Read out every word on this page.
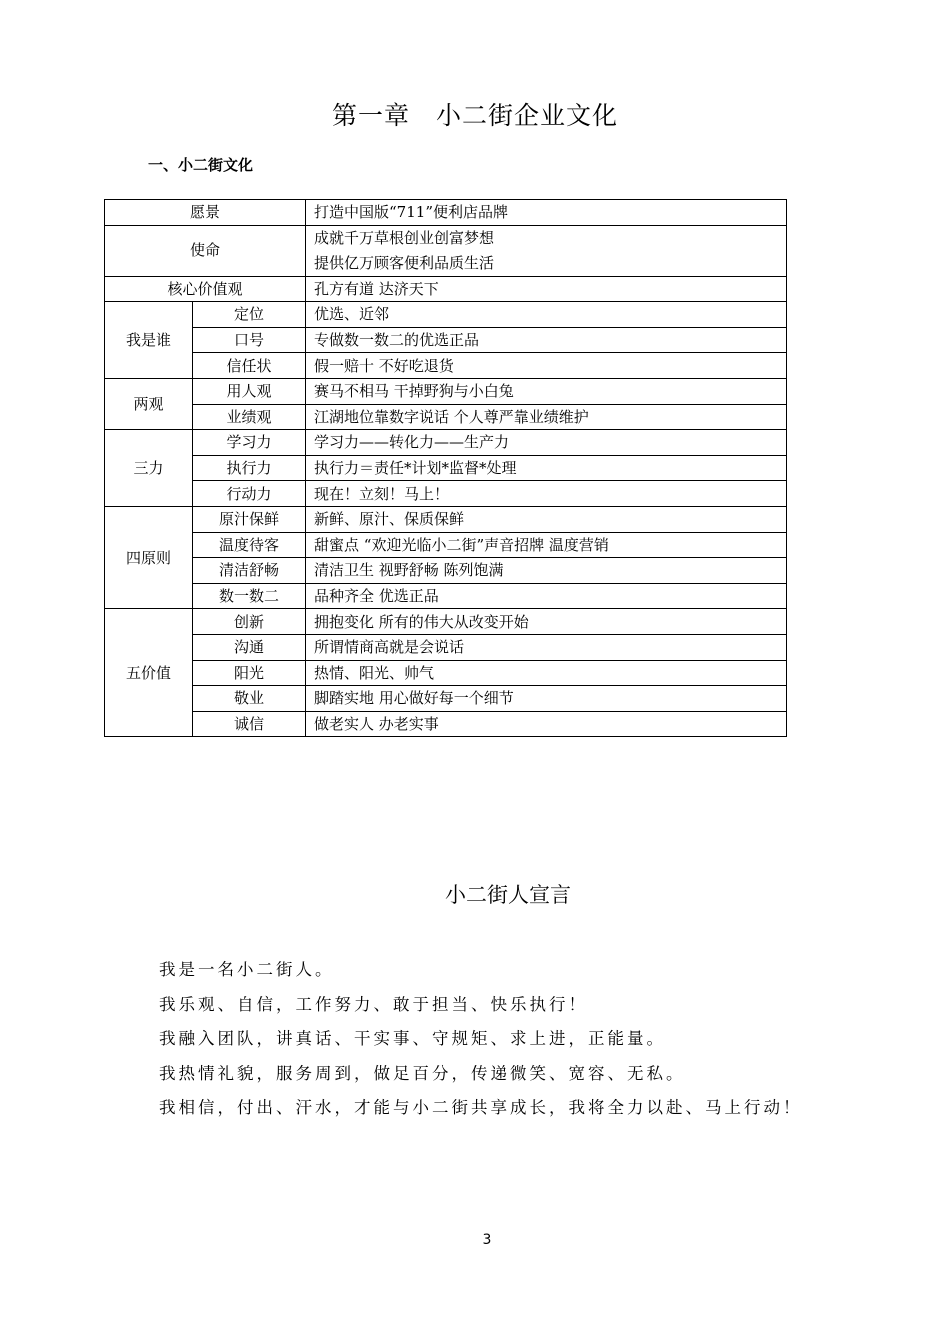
第一章 小二街企业文化
一、小二街文化
愿景		打造中国版“711”便利店品牌
使命		成就千万草根创业创富梦想
提供亿万顾客便利品质生活

核心价值观		孔方有道 达济天下
我是谁	定位	优选、近邻
	口号	专做数一数二的优选正品
	信任状	假一赔十 不好吃退货
两观	用人观	赛马不相马 干掉野狗与小白兔
	业绩观	江湖地位靠数字说话 个人尊严靠业绩维护
三力	学习力	学习力——转化力——生产力
	执行力	执行力＝责任*计划*监督*处理
	行动力	现在！立刻！马上！
四原则	原汁保鲜	新鲜、原汁、保质保鲜
	温度待客	甜蜜点 “欢迎光临小二街”声音招牌 温度营销
	清洁舒畅	清洁卫生 视野舒畅 陈列饱满
	数一数二	品种齐全 优选正品
五价值	创新	拥抱变化 所有的伟大从改变开始
	沟通	所谓情商高就是会说话
	阳光	热情、阳光、帅气
	敬业	脚踏实地 用心做好每一个细节
	诚信	做老实人 办老实事
小二街人宣言
我是一名小二街人。
我乐观、自信，工作努力、敢于担当、快乐执行！
我融入团队，讲真话、干实事、守规矩、求上进，正能量。
我热情礼貌，服务周到，做足百分，传递微笑、宽容、无私。
我相信，付出、汗水，才能与小二街共享成长，我将全力以赴、马上行动！
3
